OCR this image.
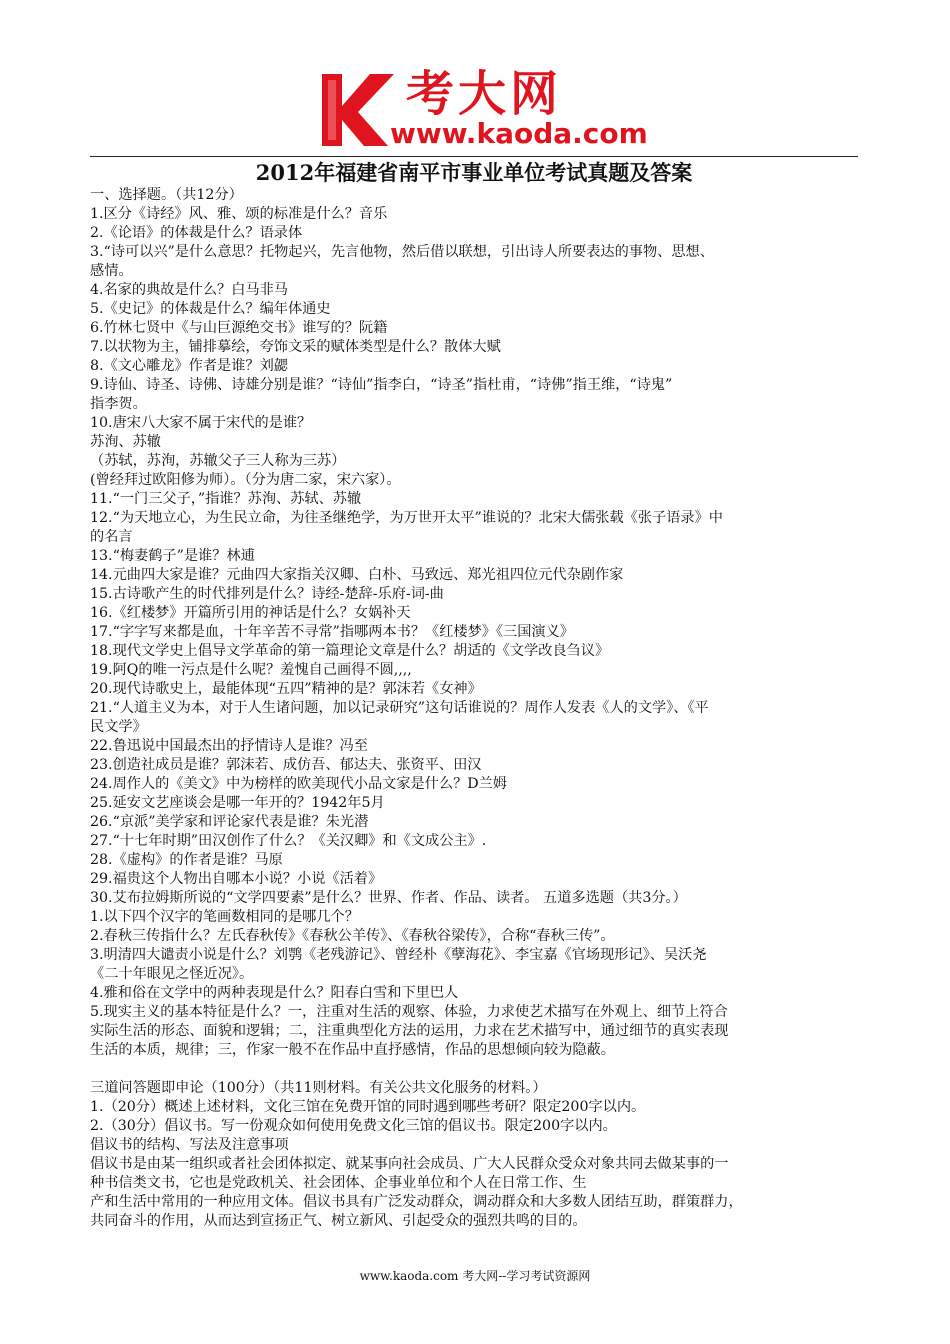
考大网
www.kaoda.com
2012年福建省南平市事业单位考试真题及答案
一、选择题。（共12分）
1.区分《诗经》风、雅、颂的标准是什么？音乐
2.《论语》的体裁是什么？语录体
3.“诗可以兴”是什么意思？托物起兴，先言他物，然后借以联想，引出诗人所要表达的事物、思想、
感情。
4.名家的典故是什么？白马非马
5.《史记》的体裁是什么？编年体通史
6.竹林七贤中《与山巨源绝交书》谁写的？阮籍
7.以状物为主，铺排摹绘，夸饰文采的赋体类型是什么？散体大赋
8.《文心雕龙》作者是谁？刘勰
9.诗仙、诗圣、诗佛、诗雄分别是谁？“诗仙”指李白，“诗圣”指杜甫，“诗佛”指王维，“诗鬼”
指李贺。
10.唐宋八大家不属于宋代的是谁？
苏洵、苏辙
（苏轼，苏洵，苏辙父子三人称为三苏）
(曾经拜过欧阳修为师）。（分为唐二家，宋六家）。
11.“一门三父子，”指谁？苏洵、苏轼、苏辙
12.“为天地立心，为生民立命，为往圣继绝学，为万世开太平”谁说的？北宋大儒张载《张子语录》中
的名言
13.“梅妻鹤子”是谁？林逋
14.元曲四大家是谁？元曲四大家指关汉卿、白朴、马致远、郑光祖四位元代杂剧作家
15.古诗歌产生的时代排列是什么？诗经-楚辞-乐府-词-曲
16.《红楼梦》开篇所引用的神话是什么？女娲补天
17.“字字写来都是血，十年辛苦不寻常”指哪两本书？《红楼梦》《三国演义》
18.现代文学史上倡导文学革命的第一篇理论文章是什么？胡适的《文学改良刍议》
19.阿Q的唯一污点是什么呢？羞愧自己画得不圆,,,,
20.现代诗歌史上，最能体现“五四”精神的是？郭沫若《女神》
21.“人道主义为本，对于人生诸问题，加以记录研究”这句话谁说的？周作人发表《人的文学》、《平
民文学》
22.鲁迅说中国最杰出的抒情诗人是谁？冯至
23.创造社成员是谁？郭沫若、成仿吾、郁达夫、张资平、田汉
24.周作人的《美文》中为榜样的欧美现代小品文家是什么？D兰姆
25.延安文艺座谈会是哪一年开的？1942年5月
26.“京派”美学家和评论家代表是谁？朱光潜
27.“十七年时期”田汉创作了什么？《关汉卿》和《文成公主》.
28.《虚构》的作者是谁？马原
29.福贵这个人物出自哪本小说？小说《活着》
30.艾布拉姆斯所说的“文学四要素”是什么？世界、作者、作品、读者。 五道多选题（共3分。）
1.以下四个汉字的笔画数相同的是哪几个？
2.春秋三传指什么？左氏春秋传》《春秋公羊传》、《春秋谷梁传》，合称“春秋三传”。
3.明清四大谴责小说是什么？刘鹗《老残游记》、曾经朴《孽海花》、李宝嘉《官场现形记》、吴沃尧
《二十年眼见之怪近况》。
4.雅和俗在文学中的两种表现是什么？阳春白雪和下里巴人
5.现实主义的基本特征是什么？一，注重对生活的观察、体验，力求使艺术描写在外观上、细节上符合
实际生活的形态、面貌和逻辑；二，注重典型化方法的运用，力求在艺术描写中，通过细节的真实表现
生活的本质，规律；三，作家一般不在作品中直抒感情，作品的思想倾向较为隐蔽。
三道问答题即申论（100分）（共11则材料。有关公共文化服务的材料。）
1.（20分）概述上述材料，文化三馆在免费开馆的同时遇到哪些考研？限定200字以内。
2.（30分）倡议书。写一份观众如何使用免费文化三馆的倡议书。限定200字以内。
倡议书的结构、写法及注意事项
倡议书是由某一组织或者社会团体拟定、就某事向社会成员、广大人民群众受众对象共同去做某事的一
种书信类文书，它也是党政机关、社会团体、企事业单位和个人在日常工作、生
产和生活中常用的一种应用文体。倡议书具有广泛发动群众，调动群众和大多数人团结互助，群策群力，
共同奋斗的作用，从而达到宣扬正气、树立新风、引起受众的强烈共鸣的目的。
www.kaoda.com 考大网--学习考试资源网
